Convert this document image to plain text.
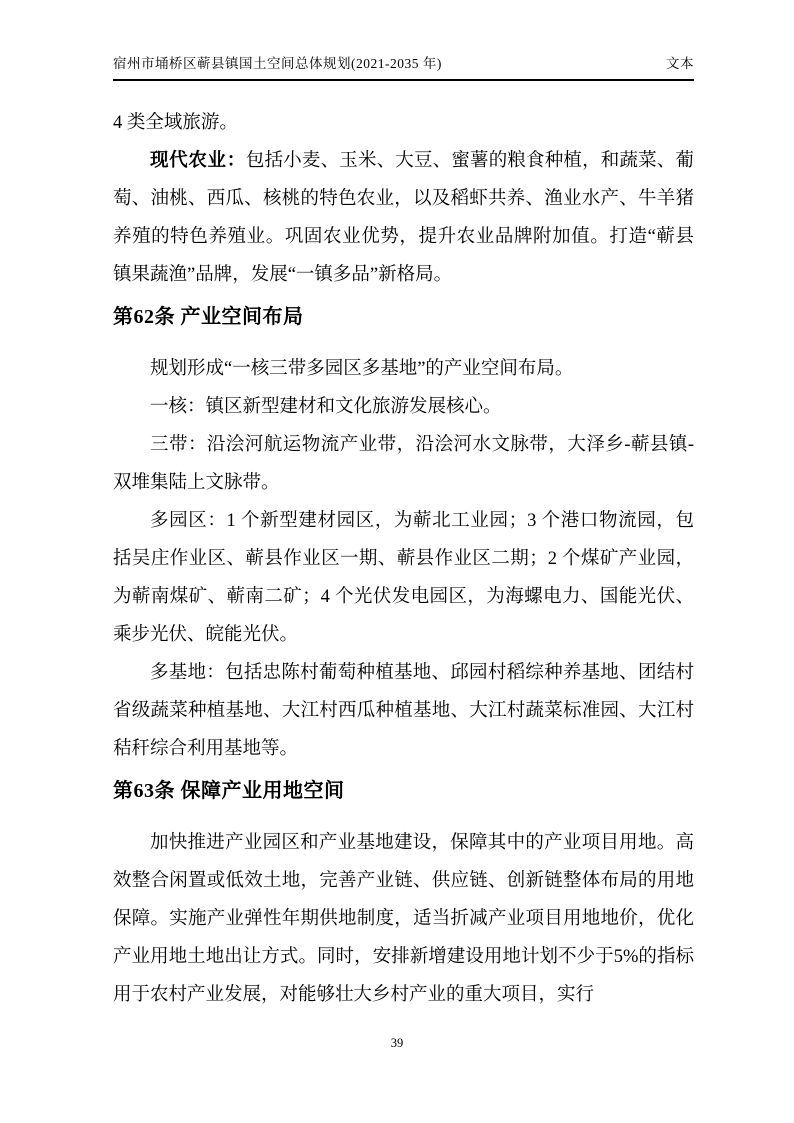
宿州市埇桥区蕲县镇国土空间总体规划(2021-2035 年)	文本

4 类全域旅游。

现代农业：包括小麦、玉米、大豆、蜜薯的粮食种植，和蔬菜、葡萄、油桃、西瓜、核桃的特色农业，以及稻虾共养、渔业水产、牛羊猪养殖的特色养殖业。巩固农业优势，提升农业品牌附加值。打造“蕲县镇果蔬渔”品牌，发展“一镇多品”新格局。

第62条 产业空间布局

规划形成“一核三带多园区多基地”的产业空间布局。

一核：镇区新型建材和文化旅游发展核心。

三带：沿浍河航运物流产业带，沿浍河水文脉带，大泽乡-蕲县镇-双堆集陆上文脉带。

多园区：1 个新型建材园区，为蕲北工业园；3 个港口物流园，包括吴庄作业区、蕲县作业区一期、蕲县作业区二期；2 个煤矿产业园，为蕲南煤矿、蕲南二矿；4 个光伏发电园区，为海螺电力、国能光伏、乘步光伏、皖能光伏。

多基地：包括忠陈村葡萄种植基地、邱园村稻综种养基地、团结村省级蔬菜种植基地、大江村西瓜种植基地、大江村蔬菜标准园、大江村秸秆综合利用基地等。

第63条 保障产业用地空间

加快推进产业园区和产业基地建设，保障其中的产业项目用地。高效整合闲置或低效土地，完善产业链、供应链、创新链整体布局的用地保障。实施产业弹性年期供地制度，适当折减产业项目用地地价，优化产业用地土地出让方式。同时，安排新增建设用地计划不少于5%的指标用于农村产业发展，对能够壮大乡村产业的重大项目，实行

39
